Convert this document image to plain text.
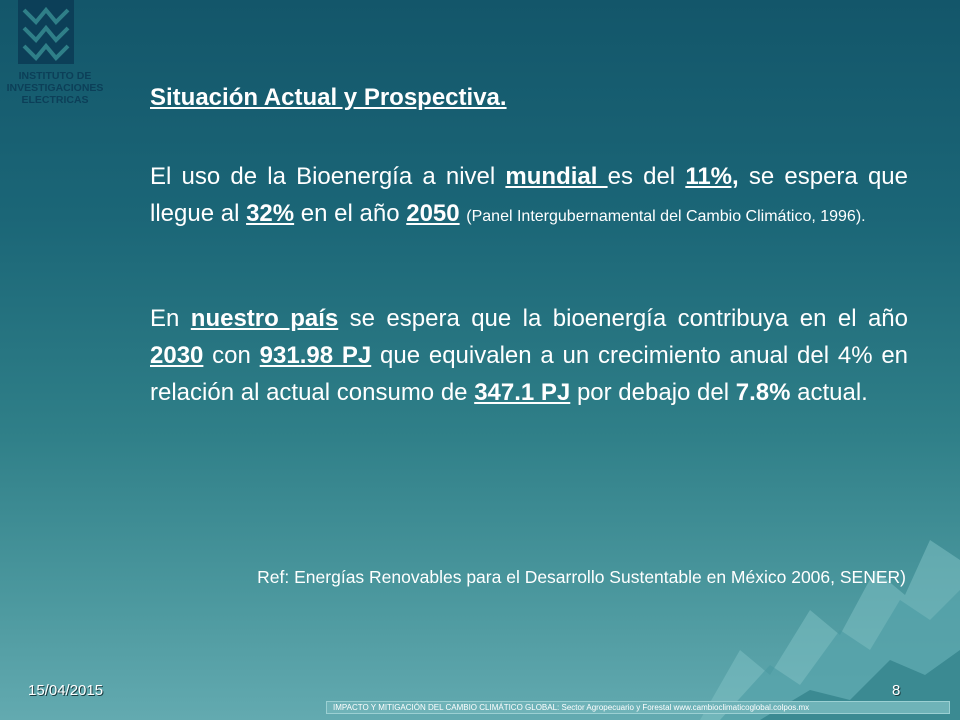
INSTITUTO DE
INVESTIGACIONES
ELECTRICAS	Situación Actual y Prospectiva.

El uso de la Bioenergía a nivel mundial es del 11%, se espera que llegue al 32% en el año 2050 (Panel Intergubernamental del Cambio Climático, 1996).

En nuestro país se espera que la bioenergía contribuya en el año 2030 con 931.98 PJ que equivalen a un crecimiento anual del 4% en relación al actual consumo de 347.1 PJ por debajo del 7.8% actual.

Ref: Energías Renovables para el Desarrollo Sustentable en México 2006, SENER)

15/04/2015	8
IMPACTO Y MITIGACIÓN DEL CAMBIO CLIMÁTICO GLOBAL: Sector Agropecuario y Forestal www.cambioclimaticoglobal.colpos.mx
